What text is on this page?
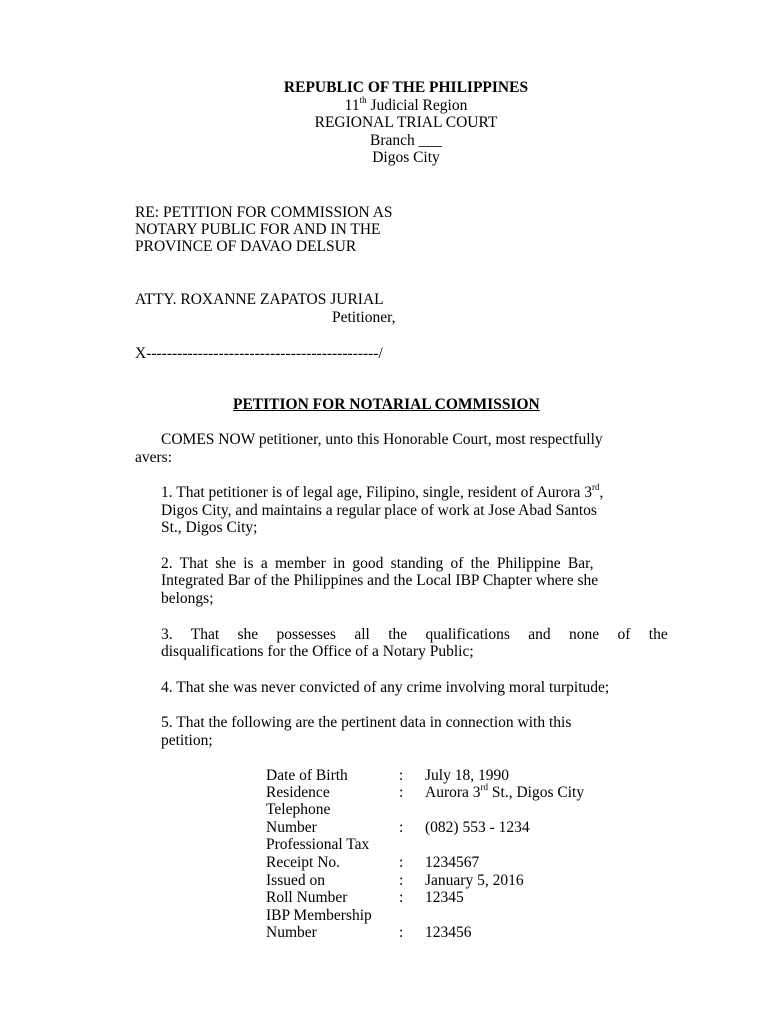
REPUBLIC OF THE PHILIPPINES
11th Judicial Region
REGIONAL TRIAL COURT
Branch ___
Digos City
RE: PETITION FOR COMMISSION AS
NOTARY PUBLIC FOR AND IN THE
PROVINCE OF DAVAO DELSUR
ATTY. ROXANNE ZAPATOS JURIAL
Petitioner,
X---------------------------------------------/
PETITION FOR NOTARIAL COMMISSION
COMES NOW petitioner, unto this Honorable Court, most respectfully
avers:
1. That petitioner is of legal age, Filipino, single, resident of Aurora 3rd,
Digos City, and maintains a regular place of work at Jose Abad Santos
St., Digos City;
2. That she is a member in good standing of the Philippine Bar,
Integrated Bar of the Philippines and the Local IBP Chapter where she
belongs;
3. That she possesses all the qualifications and none of the
disqualifications for the Office of a Notary Public;
4. That she was never convicted of any crime involving moral turpitude;
5. That the following are the pertinent data in connection with this
petition;
Date of Birth	: July 18, 1990
Residence	: Aurora 3rd St., Digos City
Telephone
Number	: (082) 553 - 1234
Professional Tax
Receipt No.	: 1234567
Issued on	: January 5, 2016
Roll Number	: 12345
IBP Membership
Number	: 123456
